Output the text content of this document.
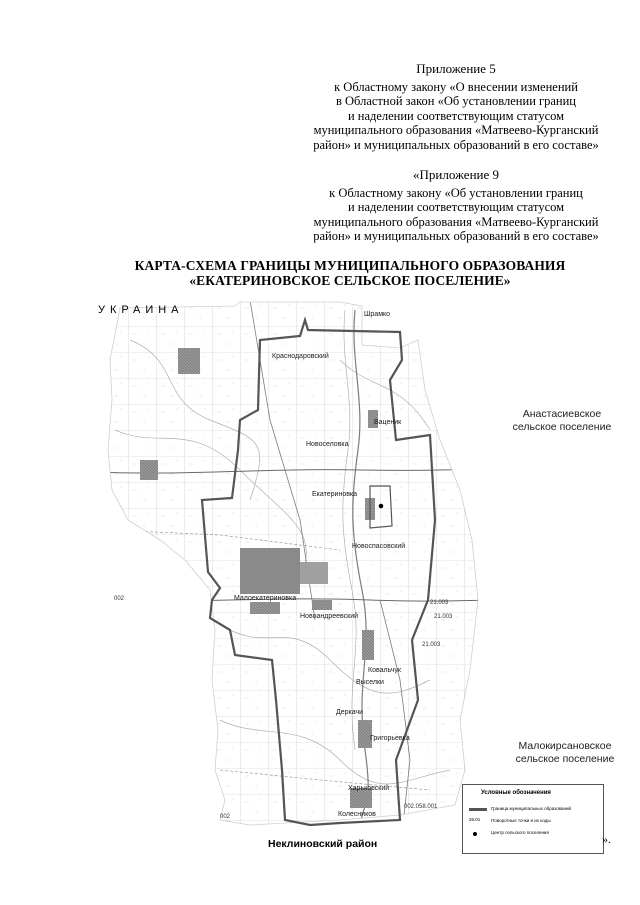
Приложение 5
к Областному закону «О внесении изменений
в Областной закон «Об установлении границ
и наделении соответствующим статусом
муниципального образования «Матвеево-Курганский
район» и муниципальных образований в его составе»
«Приложение 9
к Областному закону «Об установлении границ
и наделении соответствующим статусом
муниципального образования «Матвеево-Курганский
район» и муниципальных образований в его составе»
КАРТА-СХЕМА ГРАНИЦЫ МУНИЦИПАЛЬНОГО ОБРАЗОВАНИЯ
«ЕКАТЕРИНОВСКОЕ СЕЛЬСКОЕ ПОСЕЛЕНИЕ»
Шрамко
Краснодаровский
Ваценик
Новоселовка
Екатериновка
Новоспасовский
Малоекатериновка
Новоандреевский
Ковальчук
Выселки
Деркачи
Григорьевка
Харьковский
Колесников
21.003
21.003
21.003
002
002
002.058.001
УКРАИНА
Анастасиевское
сельское поселение
Малокирсановское
сельское поселение
Неклиновский район
Условные обозначения
Граница муниципальных образований
26.01	Поворотные точки и их коды
Центр сельского поселения	».
